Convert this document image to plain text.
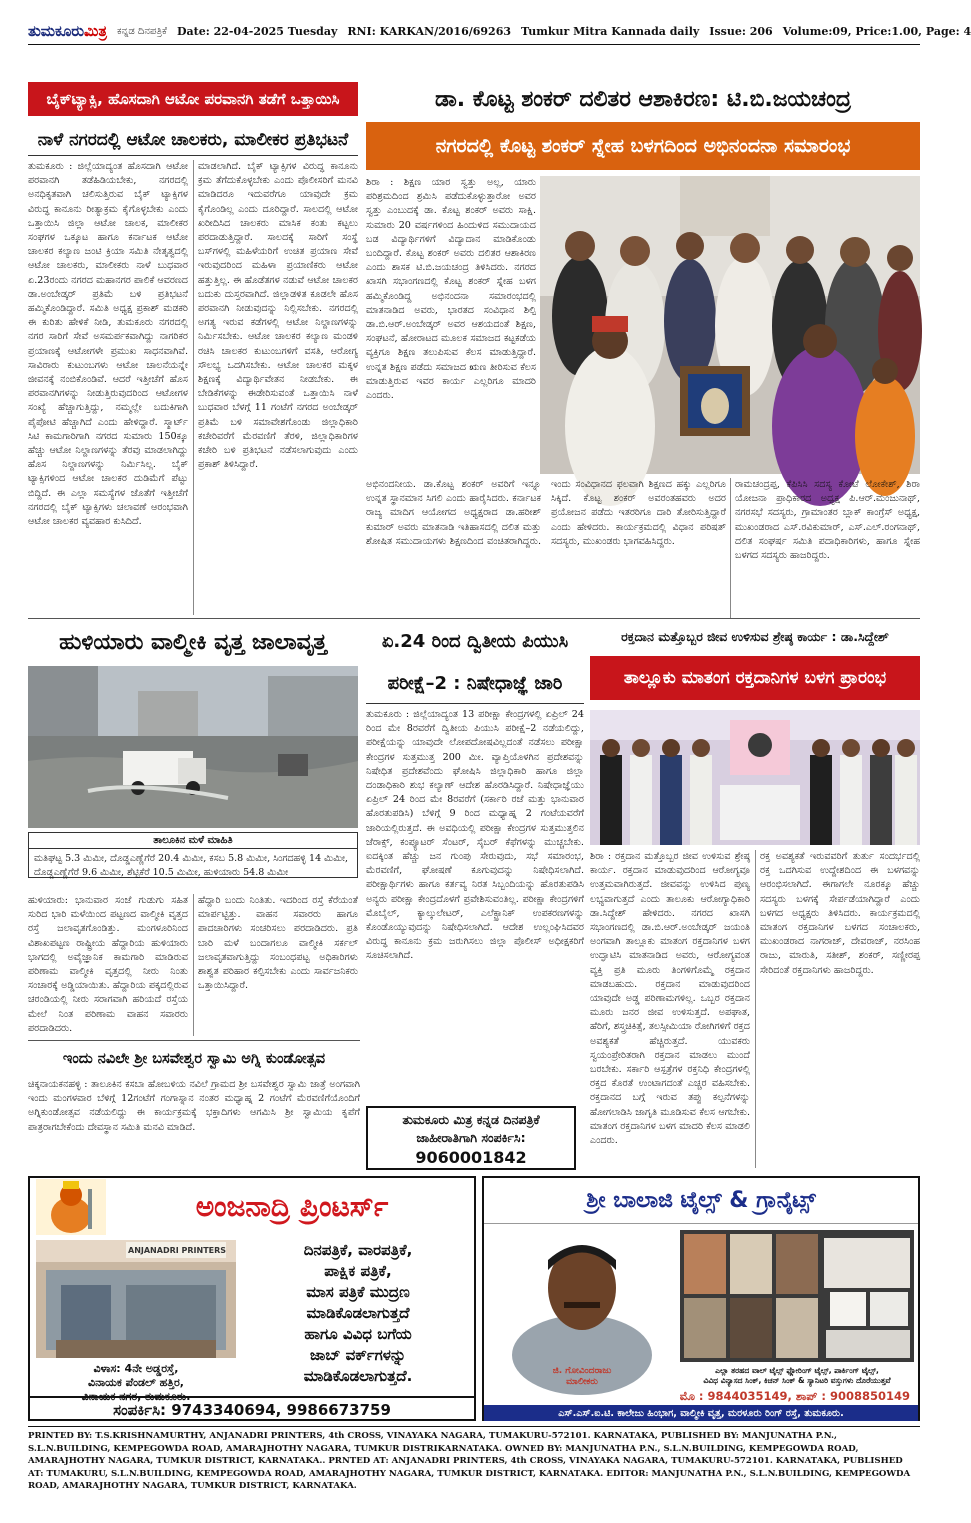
ತುಮಕೂರುಮಿತ್ರ ಕನ್ನಡ ದಿನಪತ್ರಿಕೆ Date: 22-04-2025 Tuesday RNI: KARKAN/2016/69263 Tumkur Mitra Kannada daily Issue: 206 Volume:09, Price:1.00, Page: 4
ಬೈಕ್‌ಟ್ಯಾಕ್ಸಿ, ಹೊಸದಾಗಿ ಆಟೋ ಪರವಾನಗಿ ತಡೆಗೆ ಒತ್ತಾಯಿಸಿ
ನಾಳೆ ನಗರದಲ್ಲಿ ಆಟೋ ಚಾಲಕರು, ಮಾಲೀಕರ ಪ್ರತಿಭಟನೆ
ತುಮಕೂರು : ಜಿಲ್ಲೆಯಾದ್ಯಂತ ಹೊಸದಾಗಿ ಆಟೋ ಪರವಾನಗಿ ತಡೆಹಿಡಿಯಬೇಕು, ನಗರದಲ್ಲಿ ಅನಧಿಕೃತವಾಗಿ ಚಲಿಸುತ್ತಿರುವ ಬೈಕ್ ಟ್ಯಾಕ್ಸಿಗಳ ವಿರುದ್ಧ ಕಾನೂನು ರೀತ್ಯಾಕ್ರಮ ಕೈಗೊಳ್ಳಬೇಕು ಎಂದು ಒತ್ತಾಯಿಸಿ ಜಿಲ್ಲಾ ಆಟೋ ಚಾಲಕ, ಮಾಲೀಕರ ಸಂಘಗಳ ಒಕ್ಕೂಟ ಹಾಗೂ ಕರ್ನಾಟಕ ಆಟೋ ಚಾಲಕರ ಕಲ್ಯಾಣ ಜಂಟಿ ಕ್ರಿಯಾ ಸಮಿತಿ ನೇತೃತ್ವದಲ್ಲಿ ಆಟೋ ಚಾಲಕರು, ಮಾಲೀಕರು ನಾಳೆ ಬುಧವಾರ ಏ.23ರಂದು ನಗರದ ಮಹಾನಗರ ಪಾಲಿಕೆ ಆವರಣದ ಡಾ.ಅಂಬೇಡ್ಕರ್ ಪ್ರತಿಮೆ ಬಳಿ ಪ್ರತಿಭಟನೆ ಹಮ್ಮಿಕೊಂಡಿದ್ದಾರೆ. ಸಮಿತಿ ಅಧ್ಯಕ್ಷ ಪ್ರಕಾಶ್ ಮಡಕರಿ ಈ ಕುರಿತು ಹೇಳಿಕೆ ನೀಡಿ, ತುಮಕೂರು ನಗರದಲ್ಲಿ ನಗರ ಸಾರಿಗೆ ಸೇವೆ ಅಸಮರ್ಪಕವಾಗಿದ್ದು ನಾಗರಿಕರ ಪ್ರಯಾಣಕ್ಕೆ ಆಟೋಗಳೇ ಪ್ರಮುಖ ಸಾಧನವಾಗಿವೆ. ಸಾವಿರಾರು ಕುಟುಂಬಗಳು ಆಟೋ ಚಾಲನೆಯನ್ನೇ ಜೀವನಕ್ಕೆ ನಂಬಿಕೊಂಡಿವೆ. ಆದರೆ ಇತ್ತೀಚೆಗೆ ಹೊಸ ಪರವಾನಗಿಗಳನ್ನು ನೀಡುತ್ತಿರುವುದರಿಂದ ಆಟೋಗಳ ಸಂಖ್ಯೆ ಹೆಚ್ಚಾಗುತ್ತಿದ್ದು, ನಮ್ಮಲ್ಲೇ ಬದುಕಿಗಾಗಿ ಪೈಪೋಟಿ ಹೆಚ್ಚಾಗಿದೆ ಎಂದು ಹೇಳಿದ್ದಾರೆ. ಸ್ಮಾರ್ಟ್ ಸಿಟಿ ಕಾಮಗಾರಿಗಾಗಿ ನಗರದ ಸುಮಾರು 150ಕ್ಕೂ ಹೆಚ್ಚು ಆಟೋ ನಿಲ್ದಾಣಗಳನ್ನು ತೆರವು ಮಾಡಲಾಗಿದ್ದು ಹೊಸ ನಿಲ್ದಾಣಗಳನ್ನು ನಿರ್ಮಿಸಿಲ್ಲ. ಬೈಕ್ ಟ್ಯಾಕ್ಸಿಗಳಿಂದ ಆಟೋ ಚಾಲಕರ ದುಡಿಮೆಗೆ ಪೆಟ್ಟು ಬಿದ್ದಿದೆ. ಈ ಎಲ್ಲಾ ಸಮಸ್ಯೆಗಳ ಜೊತೆಗೆ ಇತ್ತೀಚೆಗೆ ನಗರದಲ್ಲಿ ಬೈಕ್ ಟ್ಯಾಕ್ಸಿಗಳು ಚಲಾವಣೆ ಆರಂಭವಾಗಿ ಆಟೋ ಚಾಲಕರ ವ್ಯವಹಾರ ಕುಸಿದಿದೆ.
ಮಾಡಲಾಗಿದೆ. ಬೈಕ್ ಟ್ಯಾಕ್ಸಿಗಳ ವಿರುದ್ಧ ಕಾನೂನು ಕ್ರಮ ತೆಗೆದುಕೊಳ್ಳಬೇಕು ಎಂದು ಪೊಲೀಸರಿಗೆ ಮನವಿ ಮಾಡಿದರೂ ಇದುವರೆಗೂ ಯಾವುದೇ ಕ್ರಮ ಕೈಗೊಂಡಿಲ್ಲ ಎಂದು ದೂರಿದ್ದಾರೆ. ಸಾಲದಲ್ಲಿ ಆಟೋ ಖರೀದಿಸಿದ ಚಾಲಕರು ಮಾಸಿಕ ಕಂತು ಕಟ್ಟಲು ಪರದಾಡುತ್ತಿದ್ದಾರೆ. ಸಾಲದಕ್ಕೆ ಸಾರಿಗೆ ಸಂಸ್ಥೆ ಬಸ್‌ಗಳಲ್ಲಿ ಮಹಿಳೆಯರಿಗೆ ಉಚಿತ ಪ್ರಯಾಣ ಸೇವೆ ಇರುವುದರಿಂದ ಮಹಿಳಾ ಪ್ರಯಾಣಿಕರು ಆಟೋ ಹತ್ತುತ್ತಿಲ್ಲ. ಈ ಹೊಡೆತಗಳ ನಡುವೆ ಆಟೋ ಚಾಲಕರ ಬದುಕು ದುಸ್ತರವಾಗಿದೆ. ಜಿಲ್ಲಾಡಳಿತ ಕೂಡಲೇ ಹೊಸ ಪರವಾನಗಿ ನೀಡುವುದನ್ನು ನಿಲ್ಲಿಸಬೇಕು. ನಗರದಲ್ಲಿ ಅಗತ್ಯ ಇರುವ ಕಡೆಗಳಲ್ಲಿ ಆಟೋ ನಿಲ್ದಾಣಗಳನ್ನು ನಿರ್ಮಿಸಬೇಕು. ಆಟೋ ಚಾಲಕರ ಕಲ್ಯಾಣ ಮಂಡಳಿ ರಚಿಸಿ ಚಾಲಕರ ಕುಟುಂಬಗಳಿಗೆ ವಸತಿ, ಆರೋಗ್ಯ ಸೌಲಭ್ಯ ಒದಗಿಸಬೇಕು. ಆಟೋ ಚಾಲಕರ ಮಕ್ಕಳ ಶಿಕ್ಷಣಕ್ಕೆ ವಿದ್ಯಾರ್ಥಿವೇತನ ನೀಡಬೇಕು. ಈ ಬೇಡಿಕೆಗಳನ್ನು ಈಡೇರಿಸುವಂತೆ ಒತ್ತಾಯಿಸಿ ನಾಳೆ ಬುಧವಾರ ಬೆಳಗ್ಗೆ 11 ಗಂಟೆಗೆ ನಗರದ ಅಂಬೇಡ್ಕರ್ ಪ್ರತಿಮೆ ಬಳಿ ಸಮಾವೇಶಗೊಂಡು ಜಿಲ್ಲಾಧಿಕಾರಿ ಕಚೇರಿವರೆಗೆ ಮೆರವಣಿಗೆ ತೆರಳಿ, ಜಿಲ್ಲಾಧಿಕಾರಿಗಳ ಕಚೇರಿ ಬಳಿ ಪ್ರತಿಭಟನೆ ನಡೆಸಲಾಗುವುದು ಎಂದು ಪ್ರಕಾಶ್ ತಿಳಿಸಿದ್ದಾರೆ.
ಡಾ. ಕೊಟ್ಟ ಶಂಕರ್ ದಲಿತರ ಆಶಾಕಿರಣ: ಟಿ.ಬಿ.ಜಯಚಂದ್ರ
ನಗರದಲ್ಲಿ ಕೊಟ್ಟ ಶಂಕರ್ ಸ್ನೇಹ ಬಳಗದಿಂದ ಅಭಿನಂದನಾ ಸಮಾರಂಭ
ಶಿರಾ : ಶಿಕ್ಷಣ ಯಾರ ಸ್ವತ್ತು ಅಲ್ಲ, ಯಾರು ಪರಿಶ್ರಮದಿಂದ ಶ್ರಮಿಸಿ ಪಡೆದುಕೊಳ್ಳುತ್ತಾರೋ ಅವರ ಸ್ವತ್ತು ಎಂಬುದಕ್ಕೆ ಡಾ. ಕೊಟ್ಟ ಶಂಕರ್ ಅವರು ಸಾಕ್ಷಿ. ಸುಮಾರು 20 ವರ್ಷಗಳಿಂದ ಹಿಂದುಳಿದ ಸಮುದಾಯದ ಬಡ ವಿದ್ಯಾರ್ಥಿಗಳಿಗೆ ವಿದ್ಯಾದಾನ ಮಾಡಿಕೊಂಡು ಬಂದಿದ್ದಾರೆ. ಕೊಟ್ಟ ಶಂಕರ್ ಅವರು ದಲಿತರ ಆಶಾಕಿರಣ ಎಂದು ಶಾಸಕ ಟಿ.ಬಿ.ಜಯಚಂದ್ರ ತಿಳಿಸಿದರು. ನಗರದ ಖಾಸಗಿ ಸಭಾಂಗಣದಲ್ಲಿ ಕೊಟ್ಟ ಶಂಕರ್ ಸ್ನೇಹ ಬಳಗ ಹಮ್ಮಿಕೊಂಡಿದ್ದ ಅಭಿನಂದನಾ ಸಮಾರಂಭದಲ್ಲಿ ಮಾತನಾಡಿದ ಅವರು, ಭಾರತದ ಸಂವಿಧಾನ ಶಿಲ್ಪಿ ಡಾ.ಬಿ.ಆರ್.ಅಂಬೇಡ್ಕರ್ ಅವರ ಆಶಯದಂತೆ ಶಿಕ್ಷಣ, ಸಂಘಟನೆ, ಹೋರಾಟದ ಮೂಲಕ ಸಮಾಜದ ಕಟ್ಟಕಡೆಯ ವ್ಯಕ್ತಿಗೂ ಶಿಕ್ಷಣ ತಲುಪಿಸುವ ಕೆಲಸ ಮಾಡುತ್ತಿದ್ದಾರೆ. ಉನ್ನತ ಶಿಕ್ಷಣ ಪಡೆದು ಸಮಾಜದ ಋಣ ತೀರಿಸುವ ಕೆಲಸ ಮಾಡುತ್ತಿರುವ ಇವರ ಕಾರ್ಯ ಎಲ್ಲರಿಗೂ ಮಾದರಿ ಎಂದರು.
ಅಭಿನಂದನೀಯ. ಡಾ.ಕೊಟ್ಟ ಶಂಕರ್ ಅವರಿಗೆ ಇನ್ನೂ ಉನ್ನತ ಸ್ಥಾನಮಾನ ಸಿಗಲಿ ಎಂದು ಹಾರೈಸಿದರು. ಕರ್ನಾಟಕ ರಾಜ್ಯ ಮಾದಿಗ ಆಯೋಗದ ಅಧ್ಯಕ್ಷರಾದ ಡಾ.ಹರೀಶ್ ಕುಮಾರ್ ಅವರು ಮಾತನಾಡಿ ಇತಿಹಾಸದಲ್ಲಿ ದಲಿತ ಮತ್ತು ಶೋಷಿತ ಸಮುದಾಯಗಳು ಶಿಕ್ಷಣದಿಂದ ವಂಚಿತರಾಗಿದ್ದರು. ಇಂದು ಸಂವಿಧಾನದ ಫಲವಾಗಿ ಶಿಕ್ಷಣದ ಹಕ್ಕು ಎಲ್ಲರಿಗೂ ಸಿಕ್ಕಿದೆ. ಕೊಟ್ಟ ಶಂಕರ್ ಅವರಂತಹವರು ಅದರ ಪ್ರಯೋಜನ ಪಡೆದು ಇತರರಿಗೂ ದಾರಿ ತೋರಿಸುತ್ತಿದ್ದಾರೆ ಎಂದು ಹೇಳಿದರು. ಕಾರ್ಯಕ್ರಮದಲ್ಲಿ ವಿಧಾನ ಪರಿಷತ್ ಸದಸ್ಯರು, ಮುಖಂಡರು ಭಾಗವಹಿಸಿದ್ದರು.
ರಾಮಚಂದ್ರಪ್ಪ, ಕೆಪಿಸಿಸಿ ಸದಸ್ಯ ಕೋಟೆ ಲೋಕೇಶ್, ಶಿರಾ ಯೋಜನಾ ಪ್ರಾಧಿಕಾರದ ಅಧ್ಯಕ್ಷ ಪಿ.ಆರ್.ಮಂಜುನಾಥ್, ನಗರಸಭೆ ಸದಸ್ಯರು, ಗ್ರಾಮಾಂತರ ಬ್ಲಾಕ್ ಕಾಂಗ್ರೆಸ್ ಅಧ್ಯಕ್ಷ, ಮುಖಂಡರಾದ ಎಸ್.ರವಿಕುಮಾರ್, ಎಸ್.ಎಲ್.ರಂಗನಾಥ್, ದಲಿತ ಸಂಘರ್ಷ ಸಮಿತಿ ಪದಾಧಿಕಾರಿಗಳು, ಹಾಗೂ ಸ್ನೇಹ ಬಳಗದ ಸದಸ್ಯರು ಹಾಜರಿದ್ದರು.
ಹುಳಿಯಾರು ವಾಲ್ಮೀಕಿ ವೃತ್ತ ಜಾಲಾವೃತ್ತ
ತಾಲೂಕಿನ ಮಳೆ ಮಾಹಿತಿ
ಮತಿಘಟ್ಟ 5.3 ಮಿಮೀ, ದೊಡ್ಡಎಣ್ಣೆಗೆರೆ 20.4 ಮಿಮೀ, ಕಸಬ 5.8 ಮಿಮೀ, ಸಿಂಗದಹಳ್ಳಿ 14 ಮಿಮೀ, ದೊಡ್ಡಎಣ್ಣೆಗೆರೆ 9.6 ಮಿಮೀ, ಶೆಟ್ಟಿಕೆರೆ 10.5 ಮಿಮೀ, ಹುಳಿಯಾರು 54.8 ಮಿಮೀ
ಹುಳಿಯಾರು: ಭಾನುವಾರ ಸಂಜೆ ಗುಡುಗು ಸಹಿತ ಸುರಿದ ಭಾರಿ ಮಳೆಯಿಂದ ಪಟ್ಟಣದ ವಾಲ್ಮೀಕಿ ವೃತ್ತದ ರಸ್ತೆ ಜಲಾವೃತಗೊಂಡಿತ್ತು. ಮಂಗಳೂರಿನಿಂದ ವಿಶಾಖಪಟ್ಟಣ ರಾಷ್ಟ್ರೀಯ ಹೆದ್ದಾರಿಯ ಹುಳಿಯಾರು ಭಾಗದಲ್ಲಿ ಅವೈಜ್ಞಾನಿಕ ಕಾಮಗಾರಿ ಮಾಡಿರುವ ಪರಿಣಾಮ ವಾಲ್ಮೀಕಿ ವೃತ್ತದಲ್ಲಿ ನೀರು ನಿಂತು ಸಂಚಾರಕ್ಕೆ ಅಡ್ಡಿಯಾಯಿತು. ಹೆದ್ದಾರಿಯ ಪಕ್ಕದಲ್ಲಿರುವ ಚರಂಡಿಯಲ್ಲಿ ನೀರು ಸರಾಗವಾಗಿ ಹರಿಯದೆ ರಸ್ತೆಯ ಮೇಲೆ ನಿಂತ ಪರಿಣಾಮ ವಾಹನ ಸವಾರರು ಪರದಾಡಿದರು.
ಹೆದ್ದಾರಿ ಬಂದು ನಿಂತಿತು. ಇದರಿಂದ ರಸ್ತೆ ಕೆರೆಯಂತೆ ಮಾರ್ಪಟ್ಟಿತ್ತು. ವಾಹನ ಸವಾರರು ಹಾಗೂ ಪಾದಚಾರಿಗಳು ಸಂಚರಿಸಲು ಪರದಾಡಿದರು. ಪ್ರತಿ ಬಾರಿ ಮಳೆ ಬಂದಾಗಲೂ ವಾಲ್ಮೀಕಿ ಸರ್ಕಲ್ ಜಲಾವೃತವಾಗುತ್ತಿದ್ದು ಸಂಬಂಧಪಟ್ಟ ಅಧಿಕಾರಿಗಳು ಶಾಶ್ವತ ಪರಿಹಾರ ಕಲ್ಪಿಸಬೇಕು ಎಂದು ಸಾರ್ವಜನಿಕರು ಒತ್ತಾಯಿಸಿದ್ದಾರೆ.
ಇಂದು ನವಿಲೇ ಶ್ರೀ ಬಸವೇಶ್ವರ ಸ್ವಾಮಿ ಅಗ್ನಿ ಕುಂಡೋತ್ಸವ
ಚಿಕ್ಕನಾಯಕನಹಳ್ಳಿ : ತಾಲೂಕಿನ ಕಸಬಾ ಹೋಬಳಿಯ ನವಿಲೆ ಗ್ರಾಮದ ಶ್ರೀ ಬಸವೇಶ್ವರ ಸ್ವಾಮಿ ಜಾತ್ರೆ ಅಂಗವಾಗಿ ಇಂದು ಮಂಗಳವಾರ ಬೆಳಿಗ್ಗೆ 12ಗಂಟೆಗೆ ಗಂಗಾಸ್ನಾನ ನಂತರ ಮಧ್ಯಾಹ್ನ 2 ಗಂಟೆಗೆ ಮೆರವಣಿಗೆಯೊಂದಿಗೆ ಅಗ್ನಿಕುಂಡೋತ್ಸವ ನಡೆಯಲಿದ್ದು ಈ ಕಾರ್ಯಕ್ರಮಕ್ಕೆ ಭಕ್ತಾದಿಗಳು ಆಗಮಿಸಿ ಶ್ರೀ ಸ್ವಾಮಿಯ ಕೃಪೆಗೆ ಪಾತ್ರರಾಗಬೇಕೆಂದು ದೇವಸ್ಥಾನ ಸಮಿತಿ ಮನವಿ ಮಾಡಿದೆ.
ಏ.24 ರಿಂದ ದ್ವಿತೀಯ ಪಿಯುಸಿ
ಪರೀಕ್ಷೆ–2 : ನಿಷೇಧಾಜ್ಞೆ ಜಾರಿ
ತುಮಕೂರು : ಜಿಲ್ಲೆಯಾದ್ಯಂತ 13 ಪರೀಕ್ಷಾ ಕೇಂದ್ರಗಳಲ್ಲಿ ಏಪ್ರಿಲ್ 24 ರಿಂದ ಮೇ 8ರವರೆಗೆ ದ್ವಿತೀಯ ಪಿಯುಸಿ ಪರೀಕ್ಷೆ–2 ನಡೆಯಲಿದ್ದು, ಪರೀಕ್ಷೆಯನ್ನು ಯಾವುದೇ ಲೋಪದೋಷವಿಲ್ಲದಂತೆ ನಡೆಸಲು ಪರೀಕ್ಷಾ ಕೇಂದ್ರಗಳ ಸುತ್ತಮುತ್ತ 200 ಮೀ. ವ್ಯಾಪ್ತಿಯೊಳಗಿನ ಪ್ರದೇಶವನ್ನು ನಿಷೇಧಿತ ಪ್ರದೇಶವೆಂದು ಘೋಷಿಸಿ ಜಿಲ್ಲಾಧಿಕಾರಿ ಹಾಗೂ ಜಿಲ್ಲಾ ದಂಡಾಧಿಕಾರಿ ಶುಭ ಕಲ್ಯಾಣ್ ಆದೇಶ ಹೊರಡಿಸಿದ್ದಾರೆ. ನಿಷೇಧಾಜ್ಞೆಯು ಏಪ್ರಿಲ್ 24 ರಿಂದ ಮೇ 8ರವರೆಗೆ (ಸರ್ಕಾರಿ ರಜೆ ಮತ್ತು ಭಾನುವಾರ ಹೊರತುಪಡಿಸಿ) ಬೆಳಿಗ್ಗೆ 9 ರಿಂದ ಮಧ್ಯಾಹ್ನ 2 ಗಂಟೆಯವರೆಗೆ ಜಾರಿಯಲ್ಲಿರುತ್ತದೆ. ಈ ಅವಧಿಯಲ್ಲಿ ಪರೀಕ್ಷಾ ಕೇಂದ್ರಗಳ ಸುತ್ತಮುತ್ತಲಿನ ಜೆರಾಕ್ಸ್, ಕಂಪ್ಯೂಟರ್ ಸೆಂಟರ್, ಸೈಬರ್ ಕೆಫೆಗಳನ್ನು ಮುಚ್ಚಬೇಕು. ಐದಕ್ಕಿಂತ ಹೆಚ್ಚು ಜನ ಗುಂಪು ಸೇರುವುದು, ಸಭೆ ಸಮಾರಂಭ, ಮೆರವಣಿಗೆ, ಘೋಷಣೆ ಕೂಗುವುದನ್ನು ನಿಷೇಧಿಸಲಾಗಿದೆ. ಪರೀಕ್ಷಾರ್ಥಿಗಳು ಹಾಗೂ ಕರ್ತವ್ಯ ನಿರತ ಸಿಬ್ಬಂದಿಯನ್ನು ಹೊರತುಪಡಿಸಿ ಅನ್ಯರು ಪರೀಕ್ಷಾ ಕೇಂದ್ರದೊಳಗೆ ಪ್ರವೇಶಿಸುವಂತಿಲ್ಲ. ಪರೀಕ್ಷಾ ಕೇಂದ್ರಗಳಿಗೆ ಮೊಬೈಲ್, ಕ್ಯಾಲ್ಕುಲೇಟರ್, ಎಲೆಕ್ಟ್ರಾನಿಕ್ ಉಪಕರಣಗಳನ್ನು ಕೊಂಡೊಯ್ಯುವುದನ್ನು ನಿಷೇಧಿಸಲಾಗಿದೆ. ಆದೇಶ ಉಲ್ಲಂಘಿಸಿದವರ ವಿರುದ್ಧ ಕಾನೂನು ಕ್ರಮ ಜರುಗಿಸಲು ಜಿಲ್ಲಾ ಪೊಲೀಸ್ ಅಧೀಕ್ಷಕರಿಗೆ ಸೂಚಿಸಲಾಗಿದೆ.
ತುಮಕೂರು ಮಿತ್ರ ಕನ್ನಡ ದಿನಪತ್ರಿಕೆ
ಜಾಹೀರಾತಿಗಾಗಿ ಸಂಪರ್ಕಿಸಿ:
9060001842
ರಕ್ತದಾನ ಮತ್ತೊಬ್ಬರ ಜೀವ ಉಳಿಸುವ ಶ್ರೇಷ್ಠ ಕಾರ್ಯ : ಡಾ.ಸಿದ್ದೇಶ್
ತಾಲ್ಲೂಕು ಮಾತಂಗ ರಕ್ತದಾನಿಗಳ ಬಳಗ ಪ್ರಾರಂಭ
ಶಿರಾ : ರಕ್ತದಾನ ಮತ್ತೊಬ್ಬರ ಜೀವ ಉಳಿಸುವ ಶ್ರೇಷ್ಠ ಕಾರ್ಯ. ರಕ್ತದಾನ ಮಾಡುವುದರಿಂದ ಆರೋಗ್ಯವೂ ಉತ್ತಮವಾಗಿರುತ್ತದೆ. ಜೀವವನ್ನು ಉಳಿಸಿದ ಪುಣ್ಯ ಲಭ್ಯವಾಗುತ್ತದೆ ಎಂದು ತಾಲೂಕು ಆರೋಗ್ಯಾಧಿಕಾರಿ ಡಾ.ಸಿದ್ದೇಶ್ ಹೇಳಿದರು. ನಗರದ ಖಾಸಗಿ ಸಭಾಂಗಣದಲ್ಲಿ ಡಾ.ಬಿ.ಆರ್.ಅಂಬೇಡ್ಕರ್ ಜಯಂತಿ ಅಂಗವಾಗಿ ತಾಲ್ಲೂಕು ಮಾತಂಗ ರಕ್ತದಾನಿಗಳ ಬಳಗ ಉದ್ಘಾಟಿಸಿ ಮಾತನಾಡಿದ ಅವರು, ಆರೋಗ್ಯವಂತ ವ್ಯಕ್ತಿ ಪ್ರತಿ ಮೂರು ತಿಂಗಳಿಗೊಮ್ಮೆ ರಕ್ತದಾನ ಮಾಡಬಹುದು. ರಕ್ತದಾನ ಮಾಡುವುದರಿಂದ ಯಾವುದೇ ಅಡ್ಡ ಪರಿಣಾಮಗಳಿಲ್ಲ. ಒಬ್ಬರ ರಕ್ತದಾನ ಮೂರು ಜನರ ಜೀವ ಉಳಿಸುತ್ತದೆ. ಅಪಘಾತ, ಹೆರಿಗೆ, ಶಸ್ತ್ರಚಿಕಿತ್ಸೆ, ತಲಸ್ಸೀಮಿಯಾ ರೋಗಿಗಳಿಗೆ ರಕ್ತದ ಅವಶ್ಯಕತೆ ಹೆಚ್ಚಿರುತ್ತದೆ. ಯುವಕರು ಸ್ವಯಂಪ್ರೇರಿತರಾಗಿ ರಕ್ತದಾನ ಮಾಡಲು ಮುಂದೆ ಬರಬೇಕು. ಸರ್ಕಾರಿ ಆಸ್ಪತ್ರೆಗಳ ರಕ್ತನಿಧಿ ಕೇಂದ್ರಗಳಲ್ಲಿ ರಕ್ತದ ಕೊರತೆ ಉಂಟಾಗದಂತೆ ಎಚ್ಚರ ವಹಿಸಬೇಕು. ರಕ್ತದಾನದ ಬಗ್ಗೆ ಇರುವ ತಪ್ಪು ಕಲ್ಪನೆಗಳನ್ನು ಹೋಗಲಾಡಿಸಿ ಜಾಗೃತಿ ಮೂಡಿಸುವ ಕೆಲಸ ಆಗಬೇಕು. ಮಾತಂಗ ರಕ್ತದಾನಿಗಳ ಬಳಗ ಮಾದರಿ ಕೆಲಸ ಮಾಡಲಿ ಎಂದರು.
ರಕ್ತ ಅವಶ್ಯಕತೆ ಇರುವವರಿಗೆ ತುರ್ತು ಸಂದರ್ಭದಲ್ಲಿ ರಕ್ತ ಒದಗಿಸುವ ಉದ್ದೇಶದಿಂದ ಈ ಬಳಗವನ್ನು ಆರಂಭಿಸಲಾಗಿದೆ. ಈಗಾಗಲೇ ನೂರಕ್ಕೂ ಹೆಚ್ಚು ಸದಸ್ಯರು ಬಳಗಕ್ಕೆ ಸೇರ್ಪಡೆಯಾಗಿದ್ದಾರೆ ಎಂದು ಬಳಗದ ಅಧ್ಯಕ್ಷರು ತಿಳಿಸಿದರು. ಕಾರ್ಯಕ್ರಮದಲ್ಲಿ ಮಾತಂಗ ರಕ್ತದಾನಿಗಳ ಬಳಗದ ಸಂಚಾಲಕರು, ಮುಖಂಡರಾದ ನಾಗರಾಜ್, ದೇವರಾಜ್, ನರಸಿಂಹ ರಾಜು, ಮಾರುತಿ, ಸತೀಶ್, ಶಂಕರ್, ಸಣ್ಣೀರಪ್ಪ ಸೇರಿದಂತೆ ರಕ್ತದಾನಿಗಳು ಹಾಜರಿದ್ದರು.
ಅಂಜನಾದ್ರಿ ಪ್ರಿಂಟರ್ಸ್
ANJANADRI PRINTERS
ವಿಳಾಸ: 4ನೇ ಅಡ್ಡರಸ್ತೆ,
ವಿನಾಯಕ ಪೆಂಡಲ್ ಹತ್ತಿರ,
ವಿನಾಯಕ ನಗರ, ತುಮಕೂರು.
ದಿನಪತ್ರಿಕೆ, ವಾರಪತ್ರಿಕೆ,
ಪಾಕ್ಷಿಕ ಪತ್ರಿಕೆ,
ಮಾಸ ಪತ್ರಿಕೆ ಮುದ್ರಣ
ಮಾಡಿಕೊಡಲಾಗುತ್ತದೆ
ಹಾಗೂ ವಿವಿಧ ಬಗೆಯ
ಜಾಬ್ ವರ್ಕ್‌ಗಳನ್ನು
ಮಾಡಿಕೊಡಲಾಗುತ್ತದೆ.
ಸಂಪರ್ಕಿಸಿ: 9743340694, 9986673759
ಶ್ರೀ ಬಾಲಾಜಿ ಟೈಲ್ಸ್ & ಗ್ರಾನೈಟ್ಸ್
ಜಿ. ಗೋವಿಂದರಾಜು
ಮಾಲೀಕರು
ಎಲ್ಲಾ ತರಹದ ವಾಲ್ ಟೈಲ್ಸ್ ಫ್ಲೋರಿಂಗ್ ಟೈಲ್ಸ್, ಪಾರ್ಕಿಂಗ್ ಟೈಲ್ಸ್,
ವಿವಿಧ ವಿನ್ಯಾಸದ ಸಿಂಕ್, ಕಿಚನ್ ಸಿಂಕ್ & ಸ್ಯಾನಿಟರಿ ವಸ್ತುಗಳು ದೊರೆಯುತ್ತವೆ
ಮೊ : 9844035149, ಶಾಪ್ : 9008850149
ಎಸ್.ಎಸ್.ಐ.ಟಿ. ಕಾಲೇಜು ಹಿಂಭಾಗ, ವಾಲ್ಮೀಕಿ ವೃತ್ತ, ಮರಳೂರು ರಿಂಗ್ ರಸ್ತೆ, ತುಮಕೂರು.
PRINTED BY: T.S.KRISHNAMURTHY, ANJANADRI PRINTERS, 4th CROSS, VINAYAKA NAGARA, TUMAKURU-572101. KARNATAKA, PUBLISHED BY: MANJUNATHA P.N., S.L.N.BUILDING, KEMPEGOWDA ROAD, AMARAJHOTHY NAGARA, TUMKUR DISTRIKARNATAKA. OWNED BY: MANJUNATHA P.N., S.L.N.BUILDING, KEMPEGOWDA ROAD, AMARAJHOTHY NAGARA, TUMKUR DISTRICT, KARNATAKA.. PRNTED AT: ANJANADRI PRINTERS, 4th CROSS, VINAYAKA NAGARA, TUMAKURU-572101. KARNATAKA, PUBLISHED AT: TUMAKURU, S.L.N.BUILDING, KEMPEGOWDA ROAD, AMARAJHOTHY NAGARA, TUMKUR DISTRICT, KARNATAKA. EDITOR: MANJUNATHA P.N., S.L.N.BUILDING, KEMPEGOWDA ROAD, AMARAJHOTHY NAGARA, TUMKUR DISTRICT, KARNATAKA.
